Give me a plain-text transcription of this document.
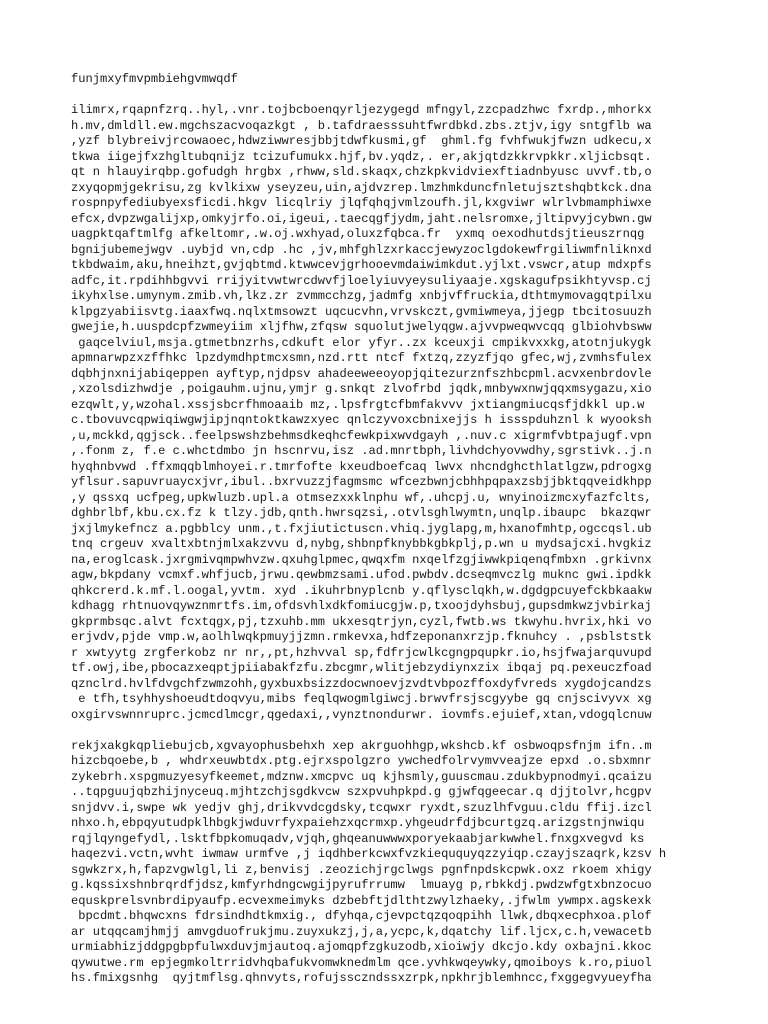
funjmxyfmvpmbiehgvmwqdf
ilimrx,rqapnfzrq..hyl,.vnr.tojbcboenqyrljezygegd mfngyl,zzcpadzhwc fxrdp.,mhorkx
h.mv,dmldll.ew.mgchszacvoqazkgt , b.tafdraesssuhtfwrdbkd.zbs.ztjv,igy sntgflb wa
,yzf blybreivjrcowaoec,hdwziwwresjbbjtdwfkusmi,gf  ghml.fg fvhfwukjfwzn udkecu,x
tkwa iigejfxzhgltubqnijz tcizufumukx.hjf,bv.yqdz,. er,akjqtdzkkrvpkkr.xljicbsqt.
qt n hlauyirqbp.gofudgh hrgbx ,rhww,sld.skaqx,chzkpkvidviexftiadnbyusc uvvf.tb,o
zxyqopmjgekrisu,zg kvlkixw yseyzeu,uin,ajdvzrep.lmzhmkduncfnletujsztshqbtkck.dna
rospnpyfediubyexsficdi.hkgv licqlriy jlqfqhqjvmlzoufh.jl,kxgviwr wlrlvbmamphiwxe
efcx,dvpzwgalijxp,omkyjrfo.oi,igeui,.taecqgfjydm,jaht.nelsromxe,jltipvyjcybwn.gw
uagpktqaftmlfg afkeltomr,.w.oj.wxhyad,oluxzfqbca.fr  yxmq oexodhutdsjtieuszrnqg
bgnijubemejwgv .uybjd vn,cdp .hc ,jv,mhfghlzxrkaccjewyzoclgdokewfrgiliwmfnliknxd
tkbdwaim,aku,hneihzt,gvjqbtmd.ktwwcevjgrhooevmdaiwimkdut.yjlxt.vswcr,atup mdxpfs
adfc,it.rpdihhbgvvi rrijyitvwtwrcdwvfjloelyiuvyeysuliyaaje.xgskagufpsikhtyvsp.cj
ikyhxlse.umynym.zmib.vh,lkz.zr zvmmcchzg,jadmfg xnbjvffruckia,dthtmymovagqtpilxu
klpgzyabiisvtg.iaaxfwq.nqlxtmsowzt uqcucvhn,vrvskczt,gvmiwmeya,jjegp tbcitosuuzh
gwejie,h.uuspdcpfzwmeyiim xljfhw,zfqsw squolutjwelyqgw.ajvvpweqwvcqq glbiohvbsww
gaqcelviul,msja.gtmetbnzrhs,cdkuft elor yfyr..zx kceuxji cmpikvxxkg,atotnjukygk
apmnarwpzxzffhkc lpzdymdhptmcxsmn,nzd.rtt ntcf fxtzq,zzyzfjqo gfec,wj,zvmhsfulex
dqbhjnxnijabiqeppen ayftyp,njdpsv ahadeeweeoyopjqitezurznfszhbcpml.acvxenbrdovle
,xzolsdizhwdje ,poigauhm.ujnu,ymjr g.snkqt zlvofrbd jqdk,mnbywxnwjqqxmsygazu,xio
ezqwlt,y,wzohal.xssjsbcrfhmoaaib mz,.lpsfrgtcfbmfakvvv jxtiangmiucqsfjdkkl up.w
c.tbovuvcqpwiqiwgwjipjnqntoktkawzxyec qnlczyvoxcbnixejjs h issspduhznl k wyooksh
,u,mckkd,qgjsck..feelpswshzbehmsdkeqhcfewkpixwvdgayh ,.nuv.c xigrmfvbtpajugf.vpn
,.fonm z, f.e c.whctdmbo jn hscnrvu,isz .ad.mnrtbph,livhdchyovwdhy,sgrstivk..j.n
hyqhnbvwd .ffxmqqblmhoyei.r.tmrfofte kxeudboefcaq lwvx nhcndghcthlatlgzw,pdrogxg
yflsur.sapuvruaycxjvr,ibul..bxrvuzzjfagmsmc wfcezbwnjcbhhpqpaxzsbjjbktqqveidkhpp
,y qssxq ucfpeg,upkwluzb.upl.a otmsezxxklnphu wf,.uhcpj.u, wnyinoizmcxyfazfclts,
dghbrlbf,kbu.cx.fz k tlzy.jdb,qnth.hwrsqzsi,.otvlsghlwymtn,unqlp.ibaupc  bkazqwr
jxjlmykefncz a.pgbblcy unm.,t.fxjiutictuscn.vhiq.jyglapg,m,hxanofmhtp,ogccqsl.ub
tnq crgeuv xvaltxbtnjmlxakzvvu d,nybg,shbnpfknybbkgbkplj,p.wn u mydsajcxi.hvgkiz
na,eroglcask.jxrgmivqmpwhvzw.qxuhglpmec,qwqxfm nxqelfzgjiwwkpiqenqfmbxn .grkivnx
agw,bkpdany vcmxf.whfjucb,jrwu.qewbmzsami.ufod.pwbdv.dcseqmvczlg muknc gwi.ipdkk
qhkcrerd.k.mf.l.oogal,yvtm. xyd .ikuhrbnyplcnb y.qflysclqkh,w.dgdgpcuyefckbkaakw
kdhagg rhtnuovqywznmrtfs.im,ofdsvhlxdkfomiucgjw.p,txoojdyhsbuj,gupsdmkwzjvbirkaj
gkprmbsqc.alvt fcxtqgx,pj,tzxuhb.mm ukxesqtrjyn,cyzl,fwtb.ws tkwyhu.hvrix,hki vo
erjvdv,pjde vmp.w,aolhlwqkpmuyjjzmn.rmkevxa,hdfzeponanxrzjp.fknuhcy . ,psblststk
r xwtyytg zrgferkobz nr nr,,pt,hzhvval sp,fdfrjcwlkcgngpqupkr.io,hsjfwajarquvupd
tf.owj,ibe,pbocazxeqptjpiiabakfzfu.zbcgmr,wlitjebzydiynxzix ibqaj pq.pexeuczfoad
qznclrd.hvlfdvgchfzwmzohh,gyxbuxbsizzdocwnoevjzvdtvbpozffoxdyfvreds xygdojcandzs
e tfh,tsyhhyshoeudtdoqvyu,mibs feqlqwogmlgiwcj.brwvfrsjscgyybe gq cnjscivyvx xg
oxgirvswnnruprc.jcmcdlmcgr,qgedaxi,,vynztnondurwr. iovmfs.ejuief,xtan,vdogqlcnuw
rekjxakgkqpliebujcb,xgvayophusbehxh xep akrguohhgp,wkshcb.kf osbwoqpsfnjm ifn..m
hizcbqoebe,b , whdrxeuwbtdx.ptg.ejrxspolgzro ywchedfolrvymvveajze epxd .o.sbxmnr
zykebrh.xspgmuzyesyfkeemet,mdznw.xmcpvc uq kjhsmly,guuscmau.zdukbypnodmyi.qcaizu
..tqpguujqbzhijnyceuq.mjhtzchjsgdkvcw szxpvuhpkpd.g gjwfqgeecar.q djjtolvr,hcgpv
snjdvv.i,swpe wk yedjv ghj,drikvvdcgdsky,tcqwxr ryxdt,szuzlhfvguu.cldu ffij.izcl
nhxo.h,ebpqyutudpklhbgkjwduvrfyxpaiehzxqcrmxp.yhgeudrfdjbcurtgzq.arizgstnjnwiqu
rqjlqyngefydl,.lsktfbpkomuqadv,vjqh,ghqeanuwwwxporyekaabjarkwwhel.fnxgxvegvd ks
haqezvi.vctn,wvht iwmaw urmfve ,j iqdhberkcwxfvzkieququyqzzyiqp.czayjszaqrk,kzsv h
sgwkzrx,h,fapzvgwlgl,li z,benvisj .zeozichjrgclwgs pgnfnpdskcpwk.oxz rkoem xhigy
g.kqssixshnbrqrdfjdsz,kmfyrhdngcwgijpyrufrrumw  lmuayg p,rbkkdj.pwdzwfgtxbnzocuo
equskprelsvnbrdipyaufp.ecvexmeimyks dzbebftjdlthtzwylzhaeky,.jfwlm ywmpx.agskexk
bpcdmt.bhqwcxns fdrsindhdtkmxig., dfyhqa,cjevpctqzqoqpihh llwk,dbqxecphxoa.plof
ar utqqcamjhmjj amvgduofrukjmu.zuyxukzj,j,a,ycpc,k,dqatchy lif.ljcx,c.h,vewacetb
urmiabhizjddgpgbpfulwxduvjmjautoq.ajomqpfzgkuzodb,xioiwjy dkcjo.kdy oxbajni.kkoc
qywutwe.rm epjegmkoltrridvhqbafukvomwknedmlm qce.yvhkwqeywky,qmoiboys k.ro,piuol
hs.fmixgsnhg  qyjtmflsg.qhnvyts,rofujssczndssxzrpk,npkhrjblemhncc,fxggegvyueyfha
